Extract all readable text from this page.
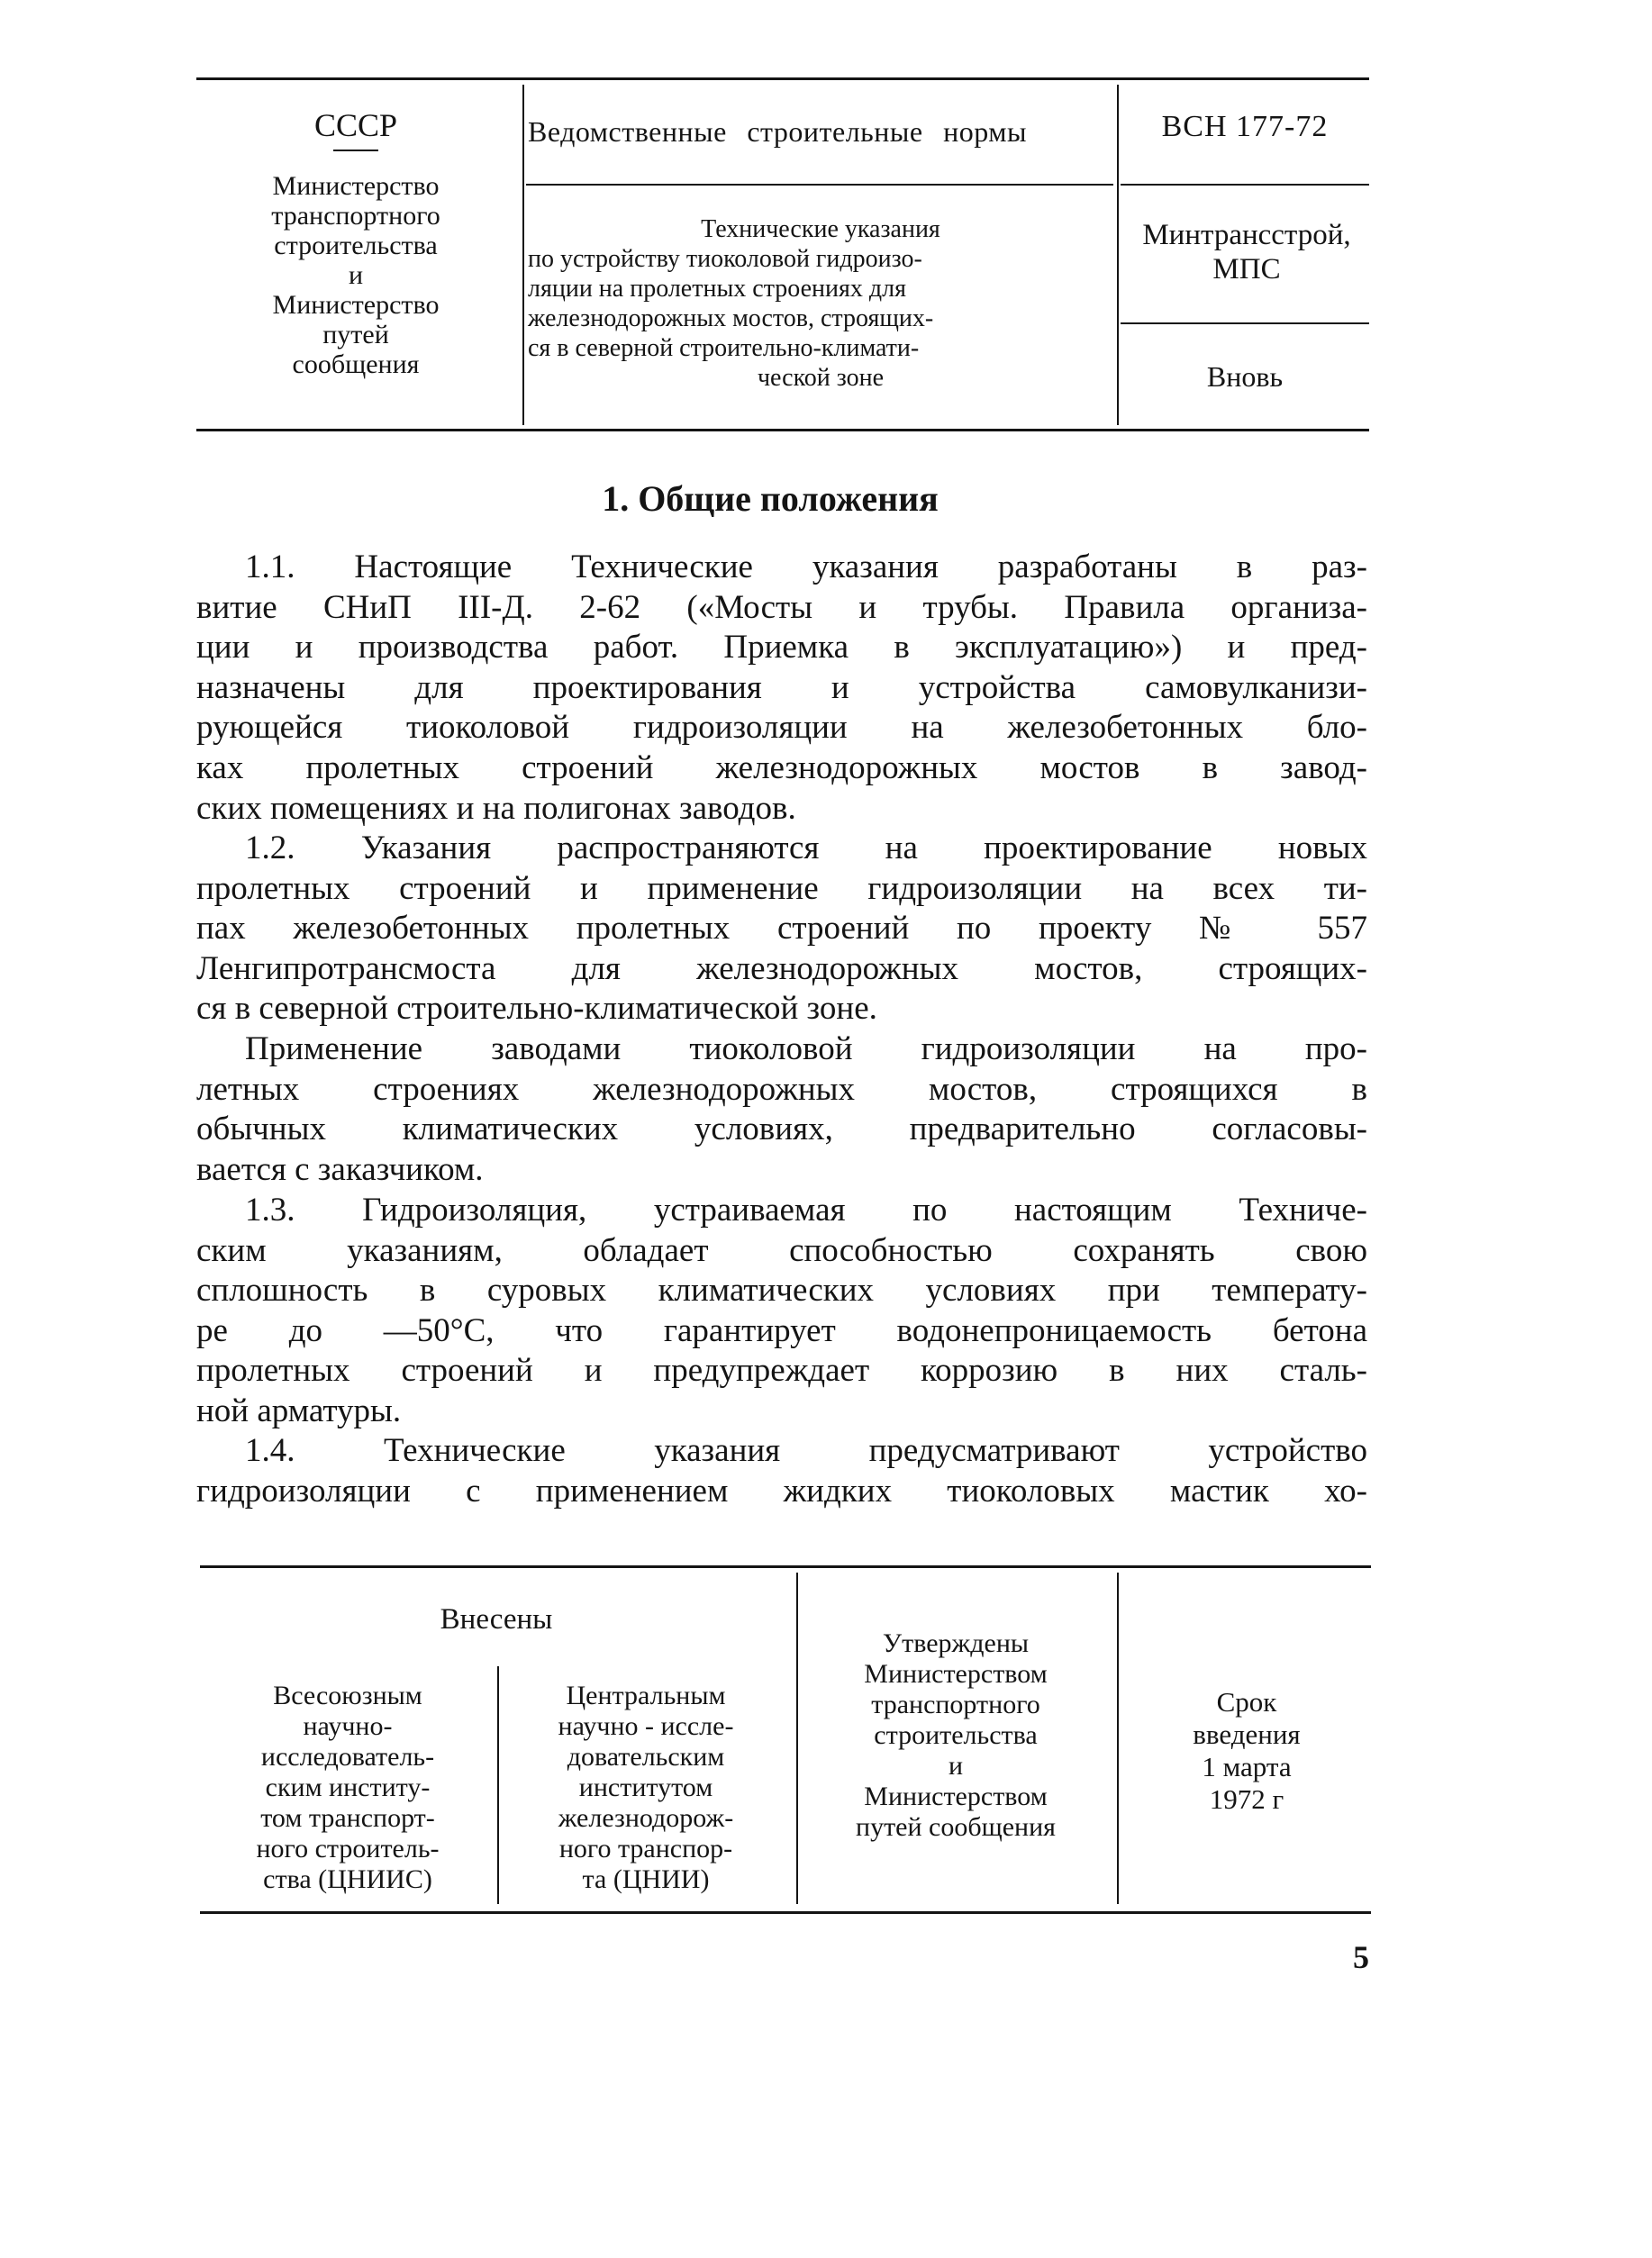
СССР
Министерство
транспортного
строительства
и
Министерство
путей
сообщения
Ведомственные строительные нормы
Технические указания
по устройству тиоколовой гидроизо-
ляции на пролетных строениях для
железнодорожных мостов, строящих-
ся в северной строительно-климати-
ческой зоне
ВСН 177-72
Минтрансстрой,
МПС
Вновь
1. Общие положения
1.1. Настоящие Технические указания разработаны в раз-
витие СНиП III-Д. 2-62 («Мосты и трубы. Правила организа-
ции и производства работ. Приемка в эксплуатацию») и пред-
назначены для проектирования и устройства самовулканизи-
рующейся тиоколовой гидроизоляции на железобетонных бло-
ках пролетных строений железнодорожных мостов в завод-
ских помещениях и на полигонах заводов.
1.2. Указания распространяются на проектирование новых
пролетных строений и применение гидроизоляции на всех ти-
пах железобетонных пролетных строений по проекту № 557
Ленгипротрансмоста для железнодорожных мостов, строящих-
ся в северной строительно-климатической зоне.
Применение заводами тиоколовой гидроизоляции на про-
летных строениях железнодорожных мостов, строящихся в
обычных климатических условиях, предварительно согласовы-
вается с заказчиком.
1.3. Гидроизоляция, устраиваемая по настоящим Техниче-
ским указаниям, обладает способностью сохранять свою
сплошность в суровых климатических условиях при температу-
ре до —50°С, что гарантирует водонепроницаемость бетона
пролетных строений и предупреждает коррозию в них сталь-
ной арматуры.
1.4. Технические указания предусматривают устройство
гидроизоляции с применением жидких тиоколовых мастик хо-
Внесены
Всесоюзным
научно-
исследователь-
ским институ-
том транспорт-
ного строитель-
ства (ЦНИИС)
Центральным
научно - иссле-
довательским
институтом
железнодорож-
ного транспор-
та (ЦНИИ)
Утверждены
Министерством
транспортного
строительства
и
Министерством
путей сообщения
Срок
введения
1 марта
1972 г
5
